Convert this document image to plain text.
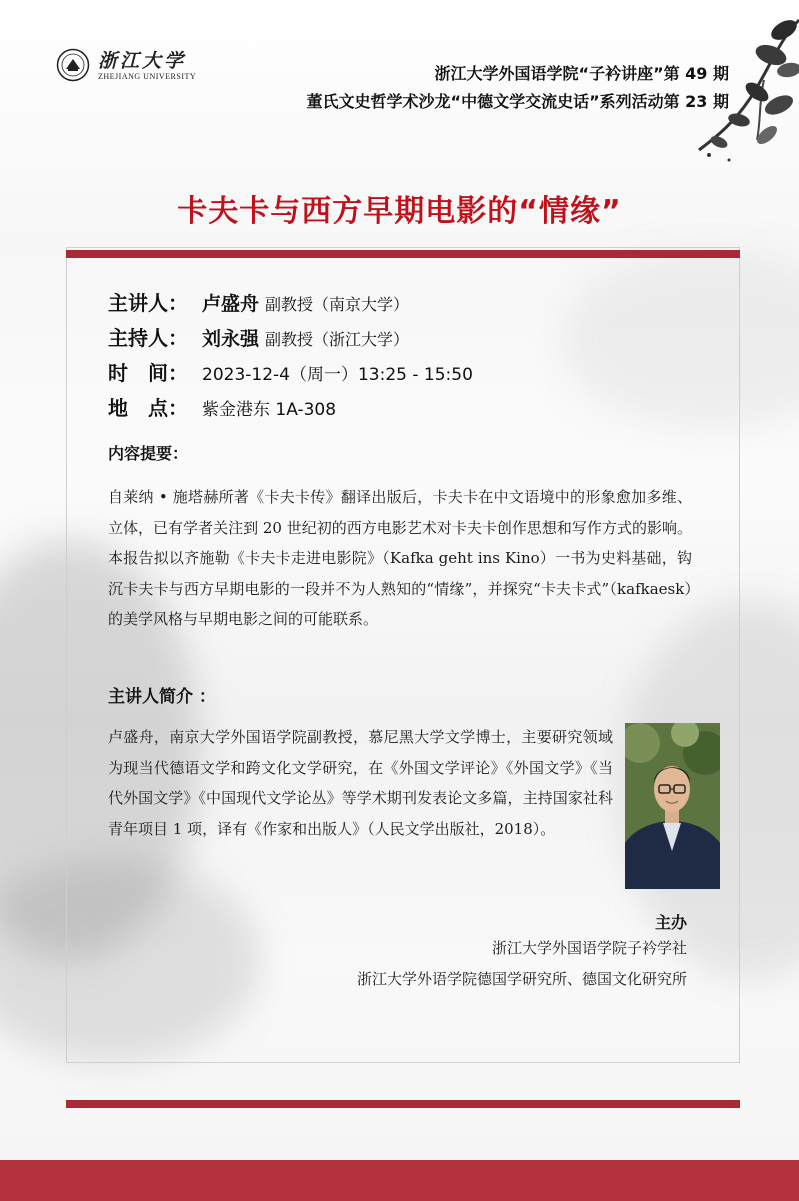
浙江大学
ZHEJIANG UNIVERSITY	浙江大学外国语学院“子衿讲座”第 49 期
董氏文史哲学术沙龙“中德文学交流史话”系列活动第 23 期
卡夫卡与西方早期电影的“情缘”
主讲人： 卢盛舟 副教授（南京大学）
主持人： 刘永强 副教授（浙江大学）
时　间： 2023-12-4（周一）13:25 - 15:50
地　点： 紫金港东 1A-308
内容提要：
自莱纳 • 施塔赫所著《卡夫卡传》翻译出版后，卡夫卡在中文语境中的形象愈加多维、立体，已有学者关注到 20 世纪初的西方电影艺术对卡夫卡创作思想和写作方式的影响。本报告拟以齐施勒《卡夫卡走进电影院》（Kafka geht ins Kino）一书为史料基础，钩沉卡夫卡与西方早期电影的一段并不为人熟知的“情缘”，并探究“卡夫卡式”（kafkaesk）的美学风格与早期电影之间的可能联系。
主讲人简介 ：
卢盛舟，南京大学外国语学院副教授，慕尼黑大学文学博士，主要研究领域为现当代德语文学和跨文化文学研究，在《外国文学评论》《外国文学》《当代外国文学》《中国现代文学论丛》等学术期刊发表论文多篇，主持国家社科青年项目 1 项，译有《作家和出版人》（人民文学出版社，2018）。
主办
浙江大学外国语学院子衿学社
浙江大学外语学院德国学研究所、德国文化研究所
